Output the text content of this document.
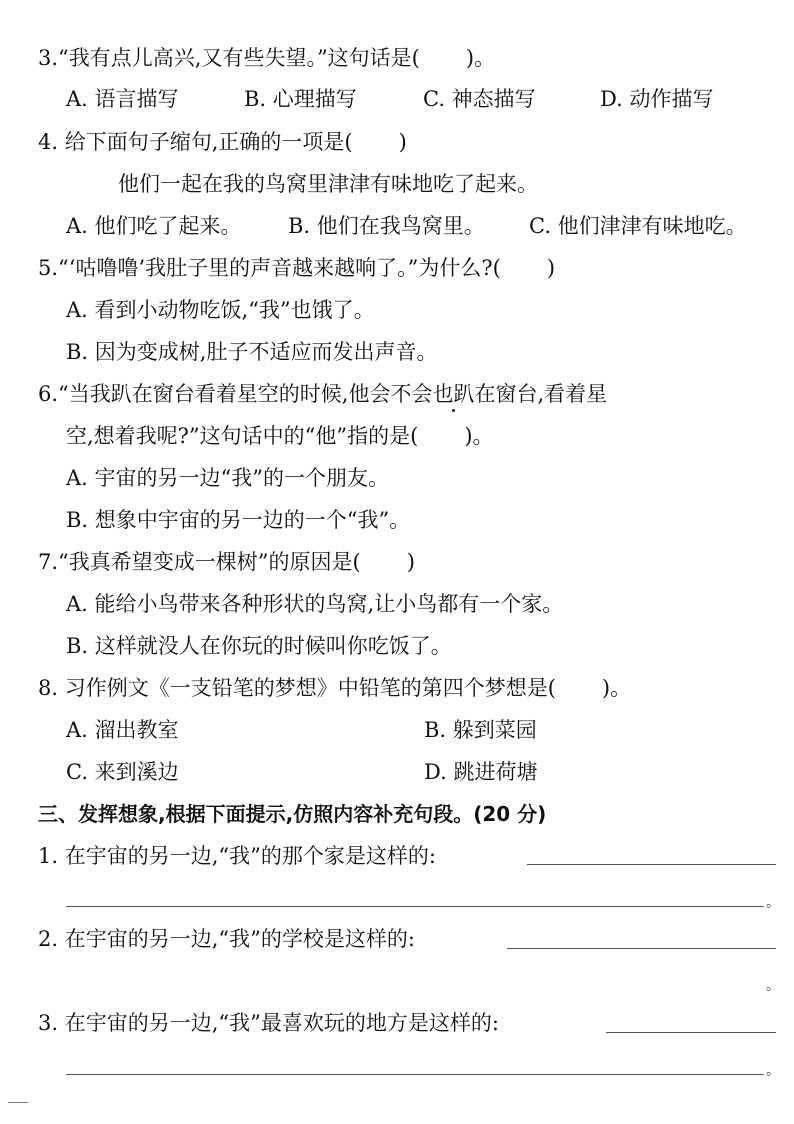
3.“我有点儿高兴,又有些失望。”这句话是( )。
A. 语言描写	B. 心理描写	C. 神态描写	D. 动作描写
4. 给下面句子缩句,正确的一项是( )
他们一起在我的鸟窝里津津有味地吃了起来。
A. 他们吃了起来。 B. 他们在我鸟窝里。 C. 他们津津有味地吃。
5.“‘咕噜噜’我肚子里的声音越来越响了。”为什么?( )
A. 看到小动物吃饭,“我”也饿了。
B. 因为变成树,肚子不适应而发出声音。
6.“当我趴在窗台看着星空的时候,他会不会也趴在窗台,看着星
空,想着我呢?”这句话中的“他”指的是( )。
A. 宇宙的另一边“我”的一个朋友。
B. 想象中宇宙的另一边的一个“我”。
7.“我真希望变成一棵树”的原因是( )
A. 能给小鸟带来各种形状的鸟窝,让小鸟都有一个家。
B. 这样就没人在你玩的时候叫你吃饭了。
8. 习作例文《一支铅笔的梦想》中铅笔的第四个梦想是( )。
A. 溜出教室	B. 躲到菜园
C. 来到溪边	D. 跳进荷塘
三、发挥想象,根据下面提示,仿照内容补充句段。(20 分)
1. 在宇宙的另一边,“我”的那个家是这样的:
。
2. 在宇宙的另一边,“我”的学校是这样的:
。
3. 在宇宙的另一边,“我”最喜欢玩的地方是这样的:
。
